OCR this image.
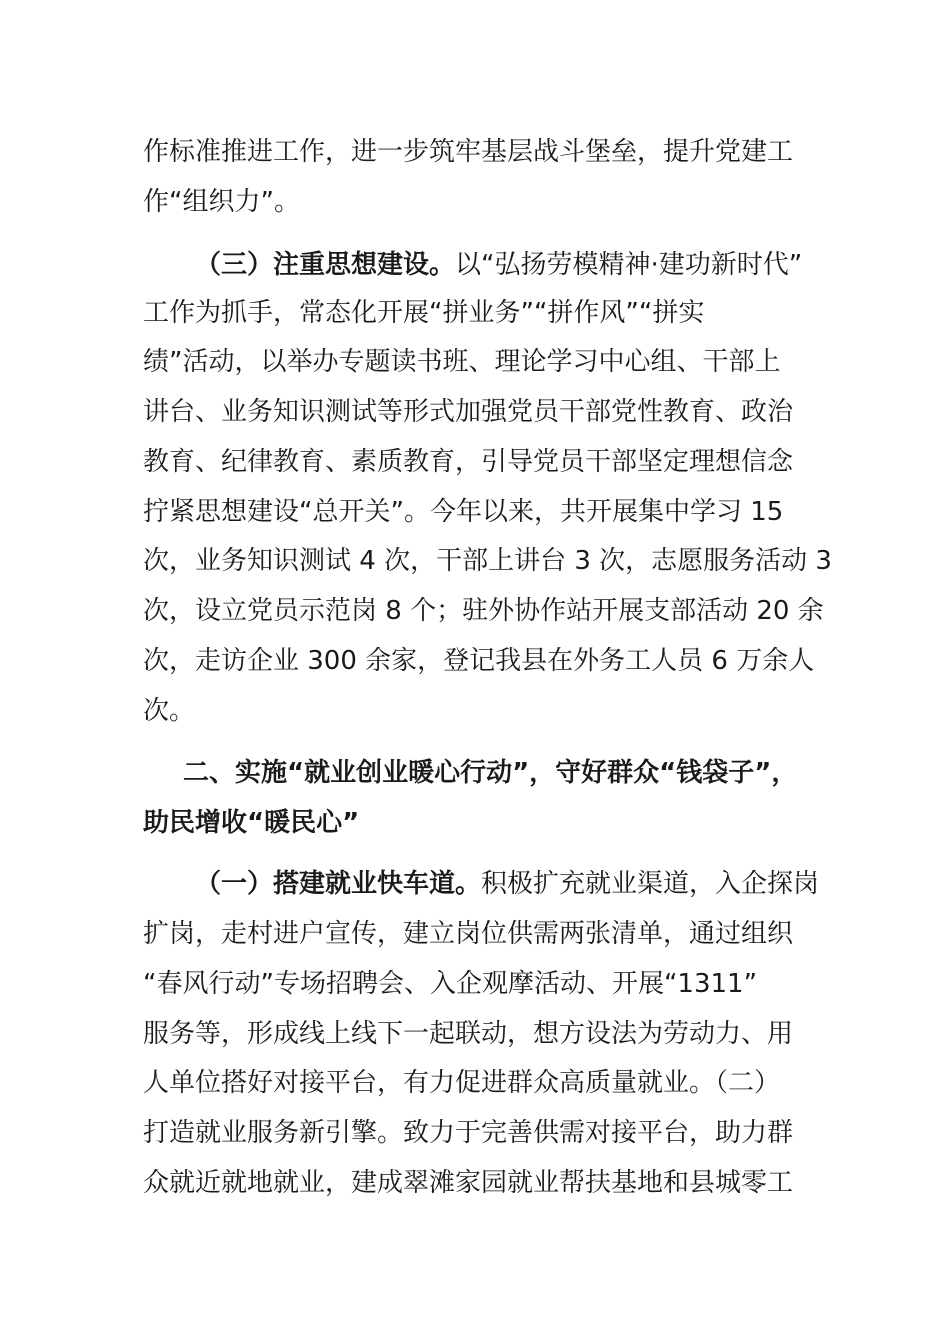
作标准推进工作，进一步筑牢基层战斗堡垒，提升党建工
作“组织力”。
（三）注重思想建设。以“弘扬劳模精神·建功新时代”
工作为抓手，常态化开展“拼业务”“拼作风”“拼实
绩”活动，以举办专题读书班、理论学习中心组、干部上
讲台、业务知识测试等形式加强党员干部党性教育、政治
教育、纪律教育、素质教育，引导党员干部坚定理想信念
拧紧思想建设“总开关”。今年以来，共开展集中学习 15
次，业务知识测试 4 次，干部上讲台 3 次，志愿服务活动 3
次，设立党员示范岗 8 个；驻外协作站开展支部活动 20 余
次，走访企业 300 余家，登记我县在外务工人员 6 万余人
次。
二、实施“就业创业暖心行动”，守好群众“钱袋子”，
助民增收“暖民心”
（一）搭建就业快车道。积极扩充就业渠道，入企探岗
扩岗，走村进户宣传，建立岗位供需两张清单，通过组织
“春风行动”专场招聘会、入企观摩活动、开展“1311”
服务等，形成线上线下一起联动，想方设法为劳动力、用
人单位搭好对接平台，有力促进群众高质量就业。（二）
打造就业服务新引擎。致力于完善供需对接平台，助力群
众就近就地就业，建成翠滩家园就业帮扶基地和县城零工
